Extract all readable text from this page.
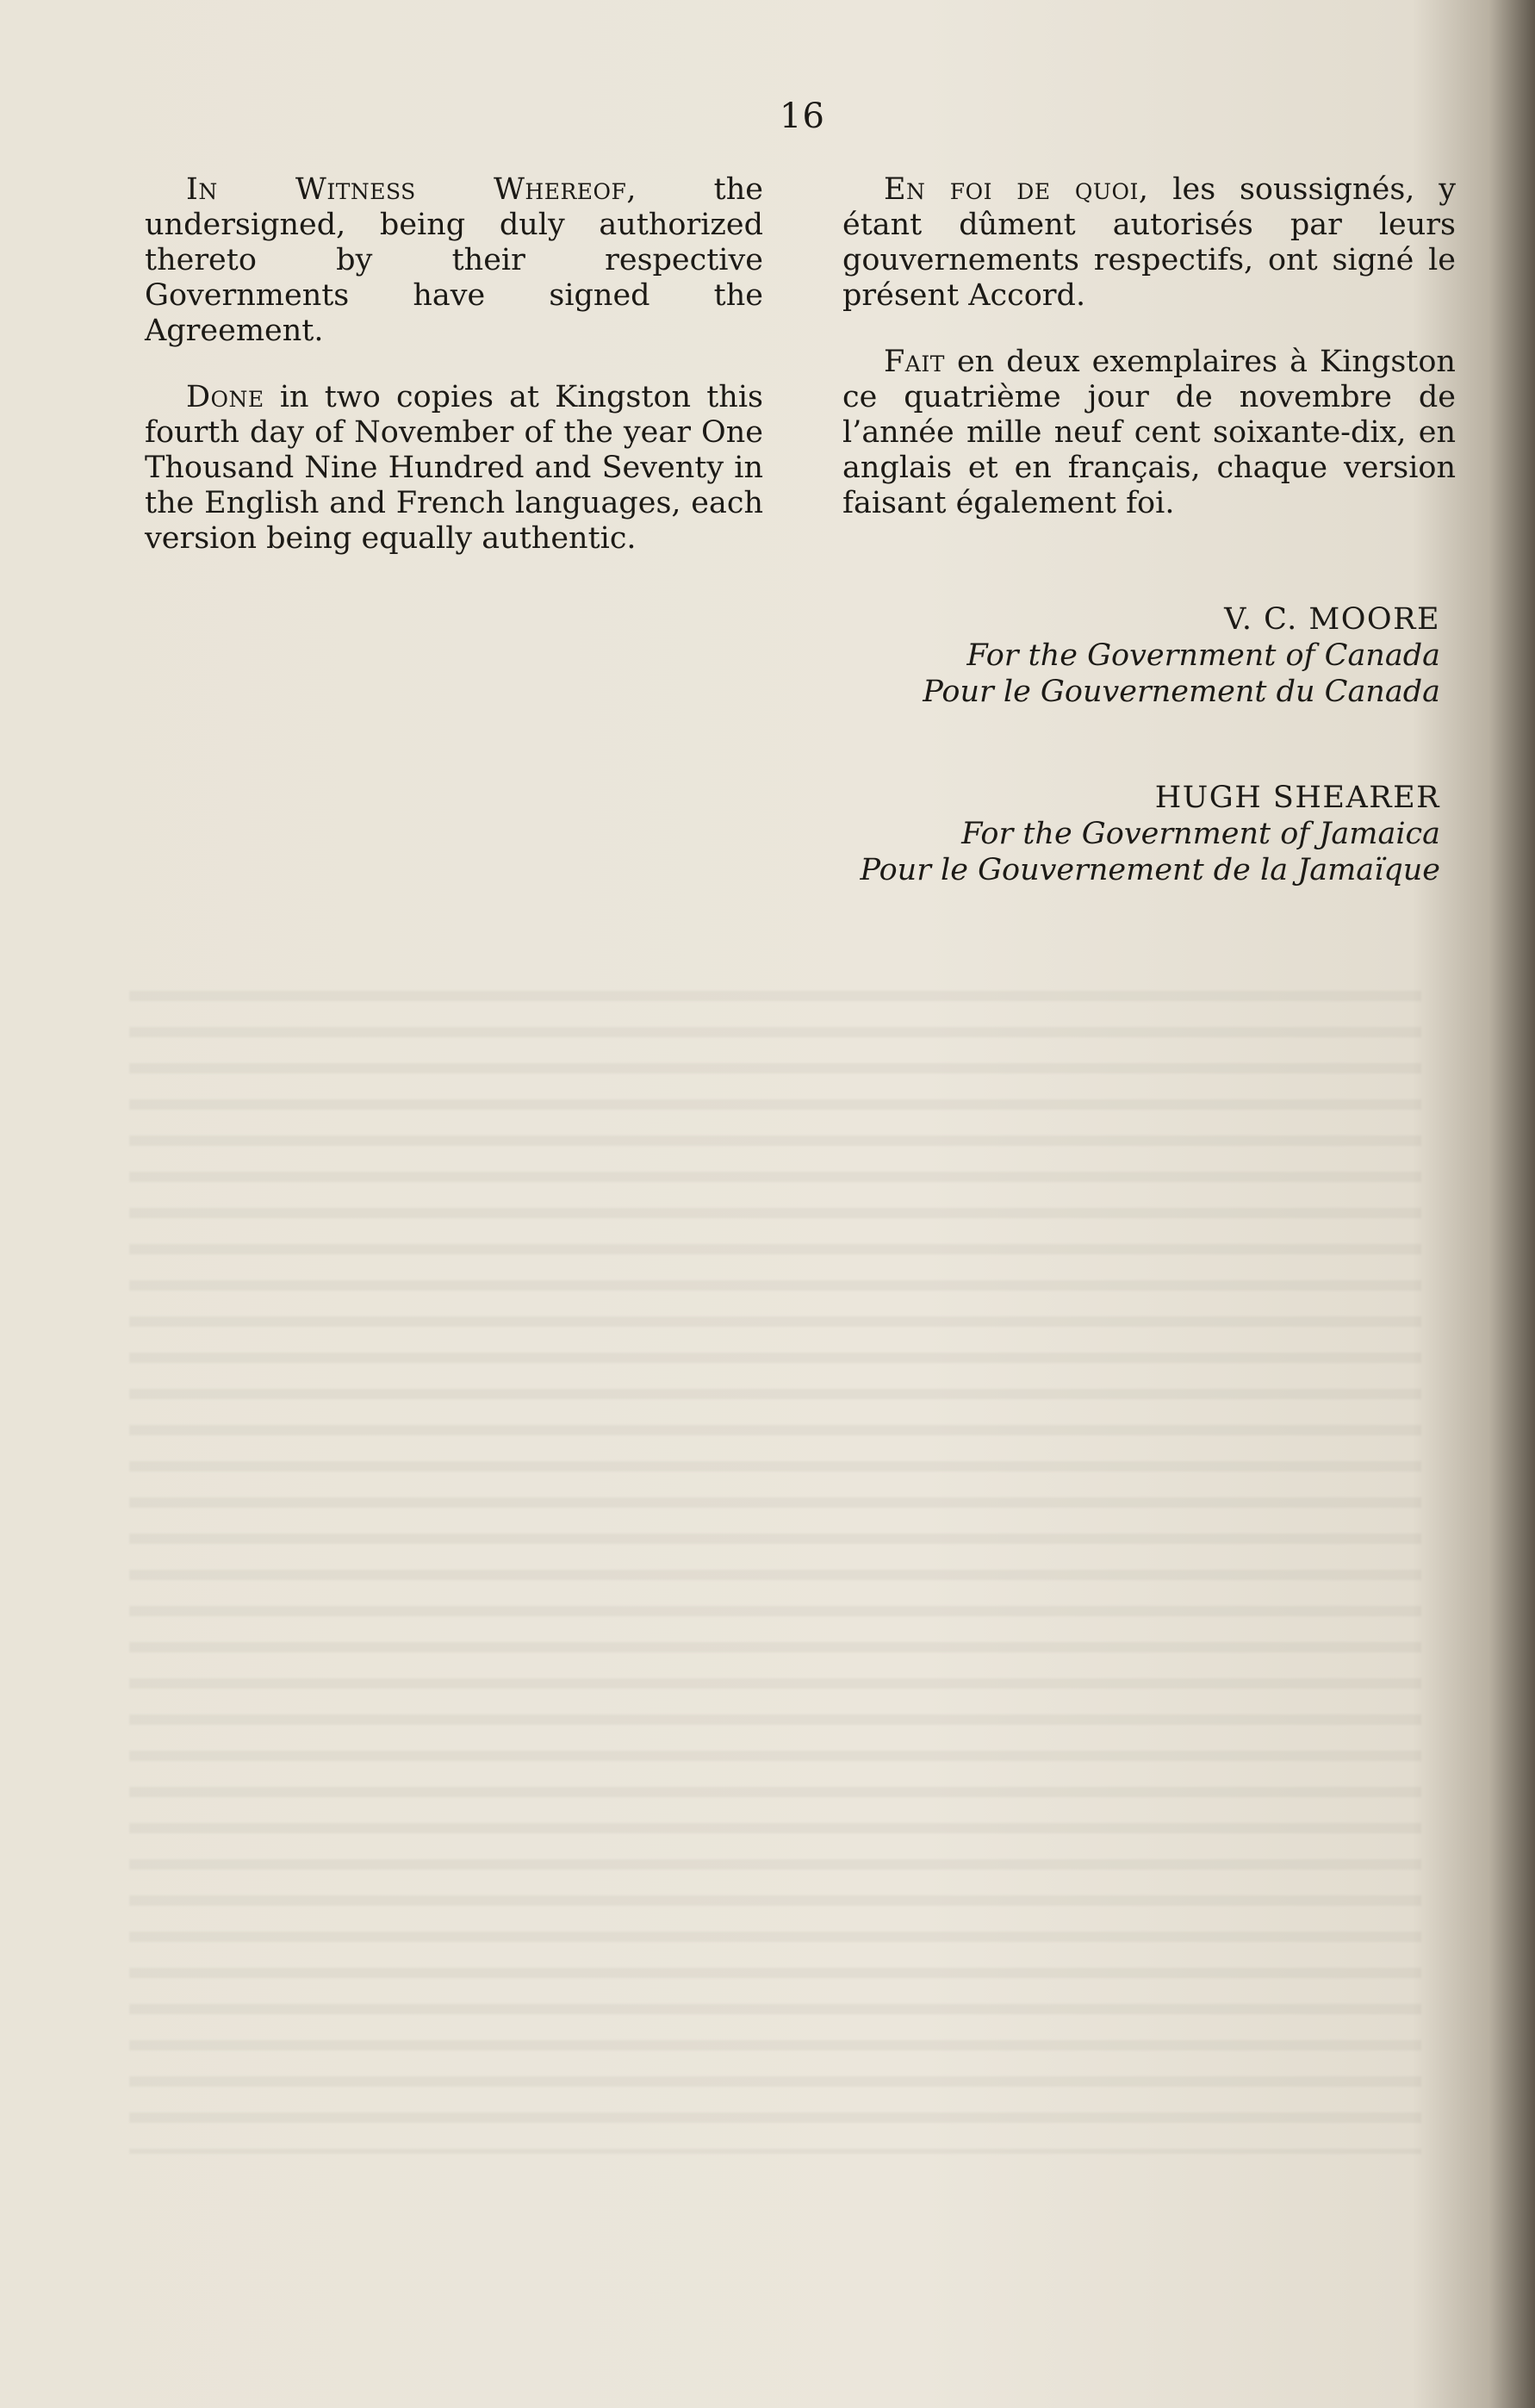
16

In Witness Whereof,	the undersigned, being duly authorized thereto by their respective Governments have signed the Agreement.

Done in two copies at Kingston this fourth day of November of the year One Thousand Nine Hundred and Seventy in the English and French languages, each version being equally authentic.

En foi de quoi, les soussignés, y étant dûment autorisés par leurs gouvernements respectifs, ont signé le présent Accord.

Fait en deux exemplaires à Kingston ce quatrième jour de novembre de l’année mille neuf cent soixante-dix, en anglais et en français, chaque version faisant également foi.

V. C. MOORE
For the Government of Canada
Pour le Gouvernement du Canada
HUGH SHEARER
For the Government of Jamaica
Pour le Gouvernement de la Jamaïque
